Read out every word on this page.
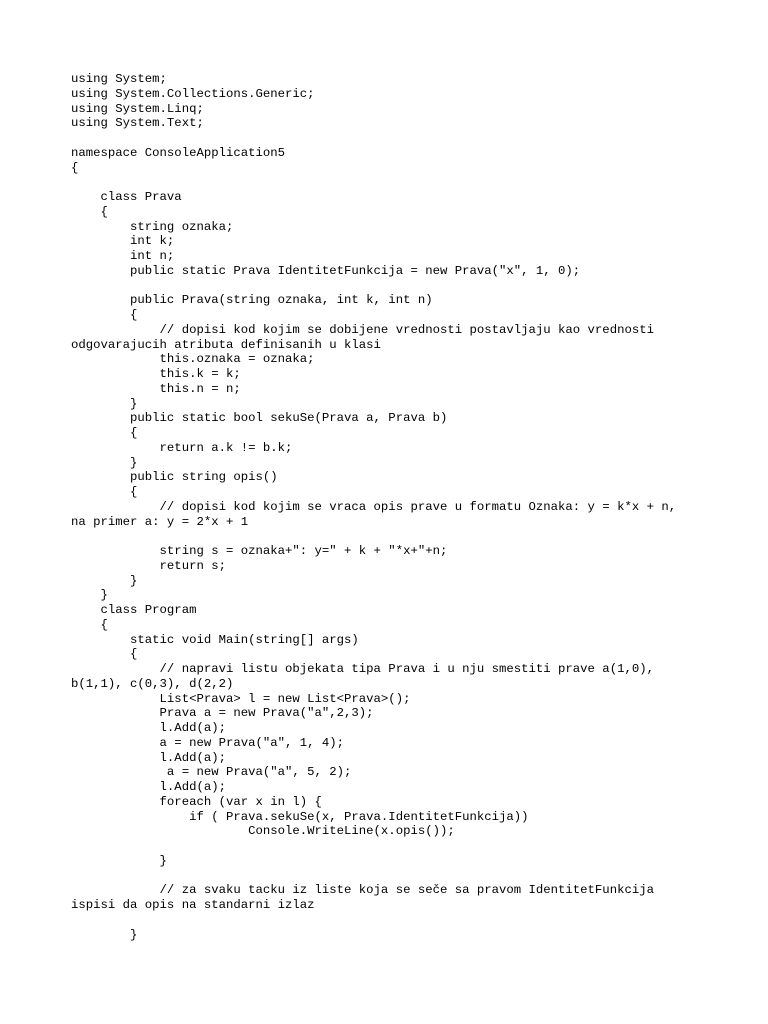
using System;
using System.Collections.Generic;
using System.Linq;
using System.Text;
namespace ConsoleApplication5
{
class Prava
{
string oznaka;
int k;
int n;
public static Prava IdentitetFunkcija = new Prava("x", 1, 0);
public Prava(string oznaka, int k, int n)
{
// dopisi kod kojim se dobijene vrednosti postavljaju kao vrednosti
odgovarajucih atributa definisanih u klasi
this.oznaka = oznaka;
this.k = k;
this.n = n;
}
public static bool sekuSe(Prava a, Prava b)
{
return a.k != b.k;
}
public string opis()
{
// dopisi kod kojim se vraca opis prave u formatu Oznaka: y = k*x + n,
na primer a: y = 2*x + 1
string s = oznaka+": y=" + k + "*x+"+n;
return s;
}
}
class Program
{
static void Main(string[] args)
{
// napravi listu objekata tipa Prava i u nju smestiti prave a(1,0),
b(1,1), c(0,3), d(2,2)
List<Prava> l = new List<Prava>();
Prava a = new Prava("a",2,3);
l.Add(a);
a = new Prava("a", 1, 4);
l.Add(a);
a = new Prava("a", 5, 2);
l.Add(a);
foreach (var x in l) {
if ( Prava.sekuSe(x, Prava.IdentitetFunkcija))
Console.WriteLine(x.opis());
}
// za svaku tacku iz liste koja se seče sa pravom IdentitetFunkcija
ispisi da opis na standarni izlaz
}
